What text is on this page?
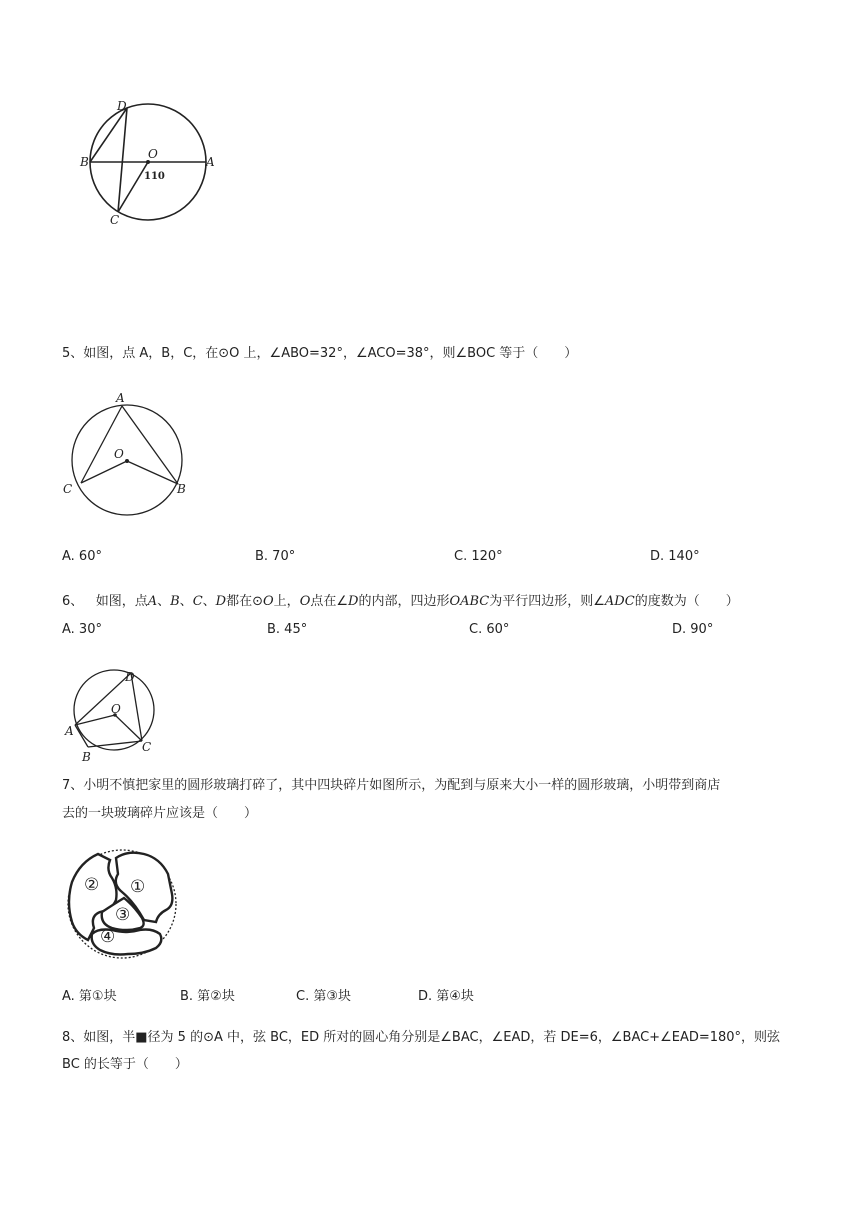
D
B
O
A
C
110
5、如图，点 A，B，C，在⊙O 上，∠ABO=32°，∠ACO=38°，则∠BOC 等于（　　）
A
O
C	B
A. 60°	B. 70°	C. 120°	D. 140°
6、 如图，点A、B、C、D都在⊙O上，O点在∠D的内部，四边形OABC为平行四边形，则∠ADC的度数为（　　）
A. 30°	B. 45°	C. 60°	D. 90°
D
O
A
B
C
7、小明不慎把家里的圆形玻璃打碎了，其中四块碎片如图所示，为配到与原来大小一样的圆形玻璃，小明带到商店
去的一块玻璃碎片应该是（　　）
② ①
③
④
A. 第①块	B. 第②块	C. 第③块	D. 第④块
8、如图，半■径为 5 的⊙A 中，弦 BC，ED 所对的圆心角分别是∠BAC，∠EAD，若 DE=6，∠BAC+∠EAD=180°，则弦
BC 的长等于（　　）
